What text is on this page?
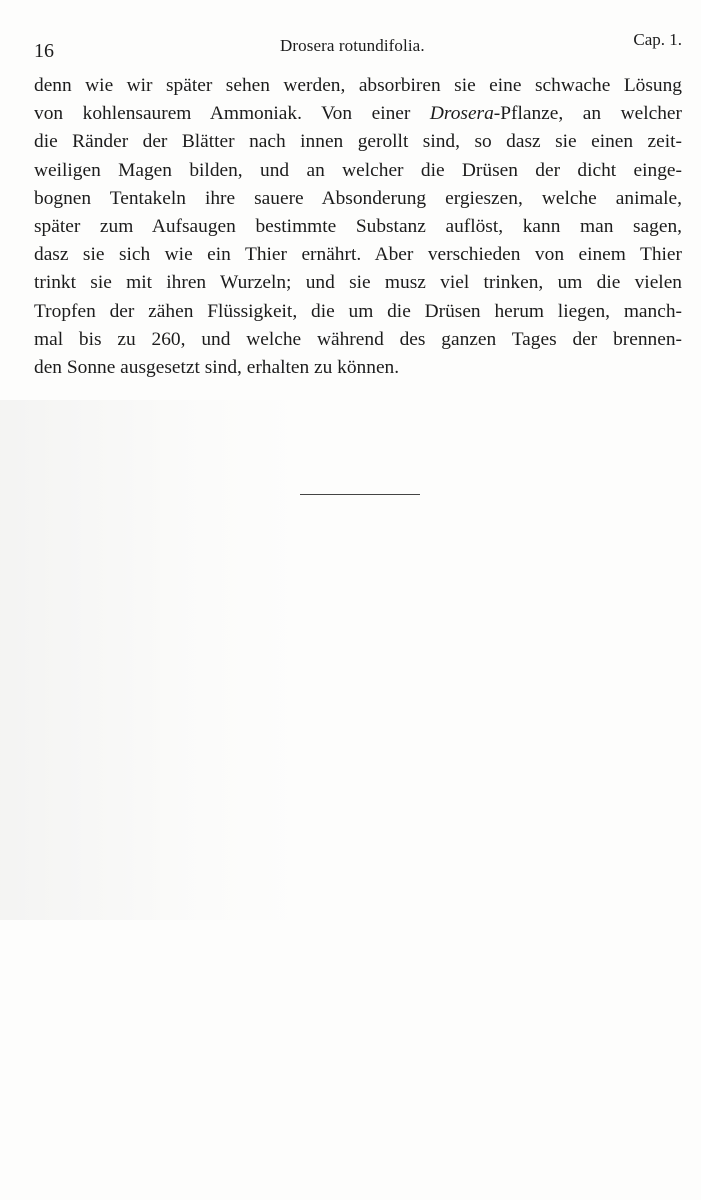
16	Drosera rotundifolia.	Cap. 1.
denn wie wir später sehen werden, absorbiren sie eine schwache Lösung
von kohlensaurem Ammoniak. Von einer Drosera-Pflanze, an welcher
die Ränder der Blätter nach innen gerollt sind, so dasz sie einen zeit-
weiligen Magen bilden, und an welcher die Drüsen der dicht einge-
bognen Tentakeln ihre sauere Absonderung ergieszen, welche animale,
später zum Aufsaugen bestimmte Substanz auflöst, kann man sagen,
dasz sie sich wie ein Thier ernährt. Aber verschieden von einem Thier
trinkt sie mit ihren Wurzeln; und sie musz viel trinken, um die vielen
Tropfen der zähen Flüssigkeit, die um die Drüsen herum liegen, manch-
mal bis zu 260, und welche während des ganzen Tages der brennen-
den Sonne ausgesetzt sind, erhalten zu können.
